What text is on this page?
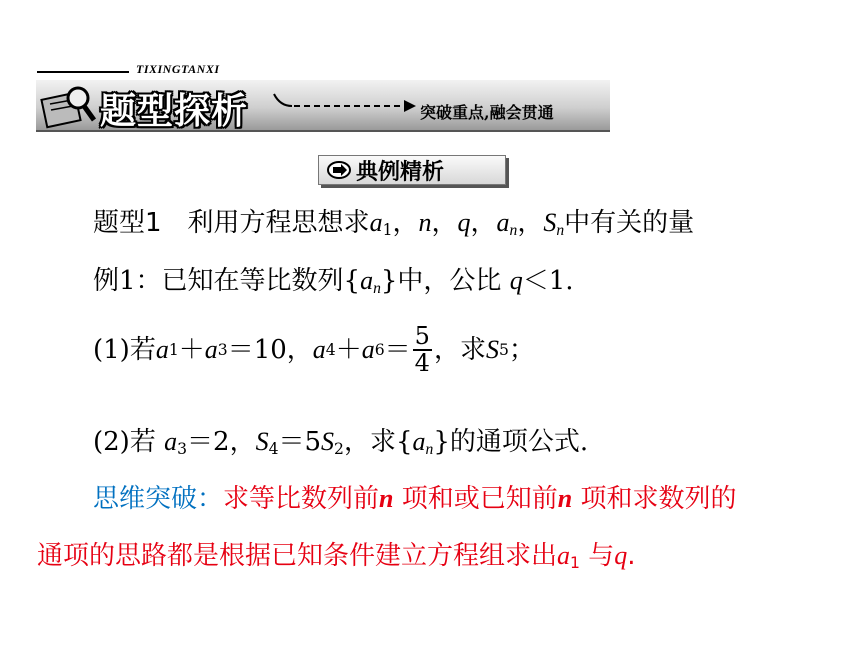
TIXINGTANXI
题型探析	突破重点,融会贯通
典例精析
题型1 利用方程思想求$a_1$，n，q，$a_n$，$S_n$中有关的量
例1：已知在等比数列$\{a_n\}$中，公比 q＜1.
(1)若 a 1 ＋ a 3 ＝10， a 4 ＋ a $6 = \frac{5}{4}$ ，求 S 5 ；
(2)若 $a_3=2$，$S_4=5S_2$，求$\{a_n\}$的通项公式.
思维突破：求等比数列前n 项和或已知前n 项和求数列的
通项的思路都是根据已知条件建立方程组求出$a_1$ 与q.
